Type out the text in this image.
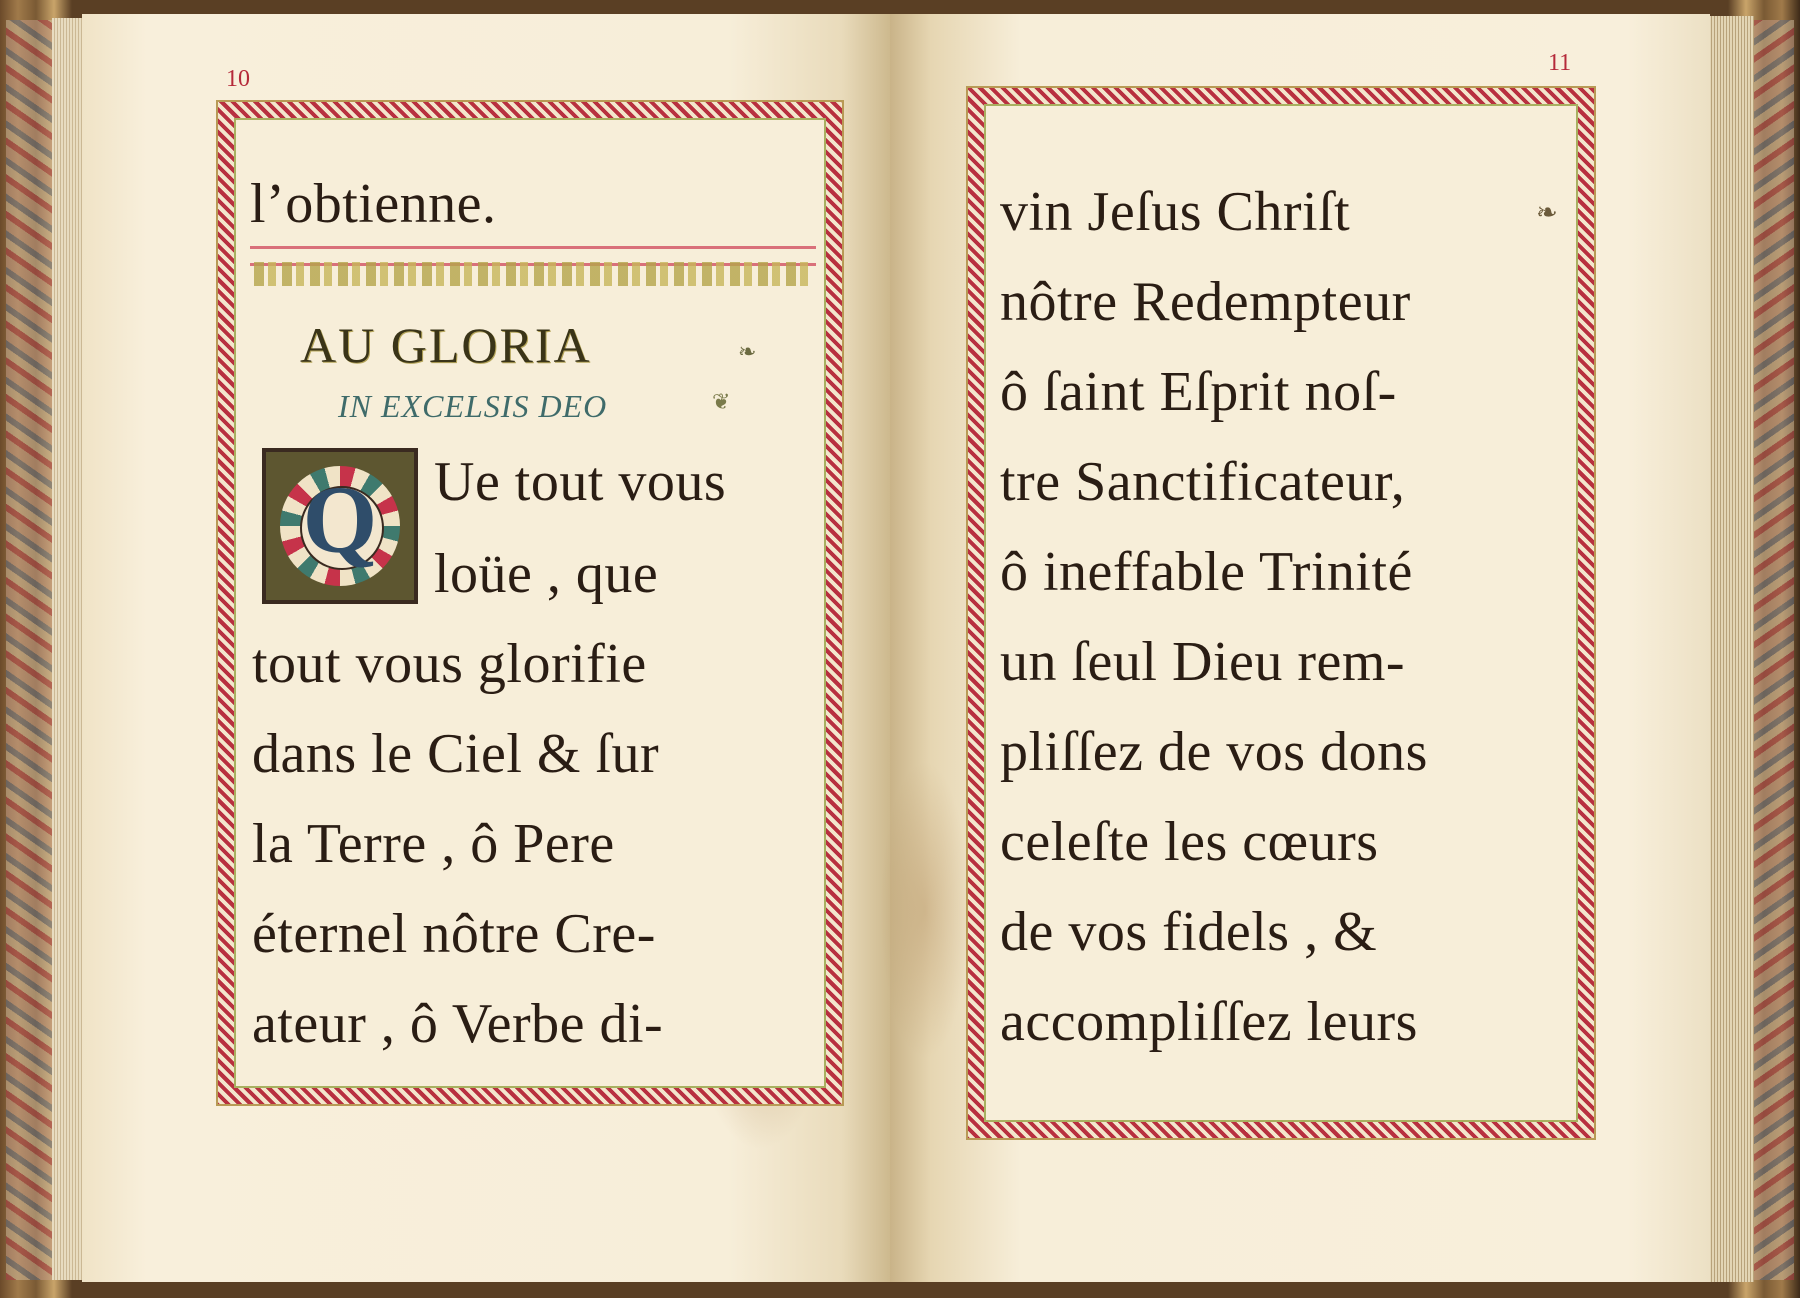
10
l’obtienne.
AU GLORIA	❧
IN EXCELSIS DEO	❦
Q Ue tout vous
loüe , que
tout vous glorifie
dans le Ciel & ſur
la Terre , ô Pere
éternel nôtre Cre-
ateur , ô Verbe di-
11
❧
vin Jeſus Chriſt
nôtre Redempteur
ô ſaint Eſprit noſ-
tre Sanctificateur,
ô ineffable Trinité
un ſeul Dieu rem-
pliſſez de vos dons
celeſte les cœurs
de vos fidels , &
accompliſſez leurs
